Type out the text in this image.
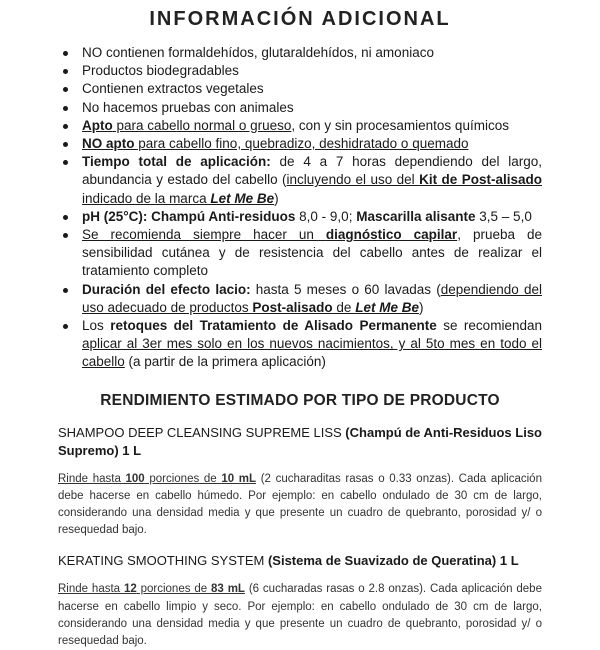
INFORMACIÓN ADICIONAL
NO contienen formaldehídos, glutaraldehídos, ni amoniaco
Productos biodegradables
Contienen extractos vegetales
No hacemos pruebas con animales
Apto para cabello normal o grueso, con y sin procesamientos químicos
NO apto para cabello fino, quebradizo, deshidratado o quemado
Tiempo total de aplicación: de 4 a 7 horas dependiendo del largo, abundancia y estado del cabello (incluyendo el uso del Kit de Post-alisado indicado de la marca Let Me Be)
pH (25°C): Champú Anti-residuos 8,0 - 9,0; Mascarilla alisante 3,5 – 5,0
Se recomienda siempre hacer un diagnóstico capilar, prueba de sensibilidad cutánea y de resistencia del cabello antes de realizar el tratamiento completo
Duración del efecto lacio: hasta 5 meses o 60 lavadas (dependiendo del uso adecuado de productos Post-alisado de Let Me Be)
Los retoques del Tratamiento de Alisado Permanente se recomiendan aplicar al 3er mes solo en los nuevos nacimientos, y al 5to mes en todo el cabello (a partir de la primera aplicación)
RENDIMIENTO ESTIMADO POR TIPO DE PRODUCTO
SHAMPOO DEEP CLEANSING SUPREME LISS (Champú de Anti-Residuos Liso Supremo) 1 L
Rinde hasta 100 porciones de 10 mL (2 cucharaditas rasas o 0.33 onzas). Cada aplicación debe hacerse en cabello húmedo. Por ejemplo: en cabello ondulado de 30 cm de largo, considerando una densidad media y que presente un cuadro de quebranto, porosidad y/ o resequedad bajo.
KERATING SMOOTHING SYSTEM (Sistema de Suavizado de Queratina) 1 L
Rinde hasta 12 porciones de 83 mL (6 cucharadas rasas o 2.8 onzas). Cada aplicación debe hacerse en cabello limpio y seco. Por ejemplo: en cabello ondulado de 30 cm de largo, considerando una densidad media y que presente un cuadro de quebranto, porosidad y/ o resequedad bajo.
